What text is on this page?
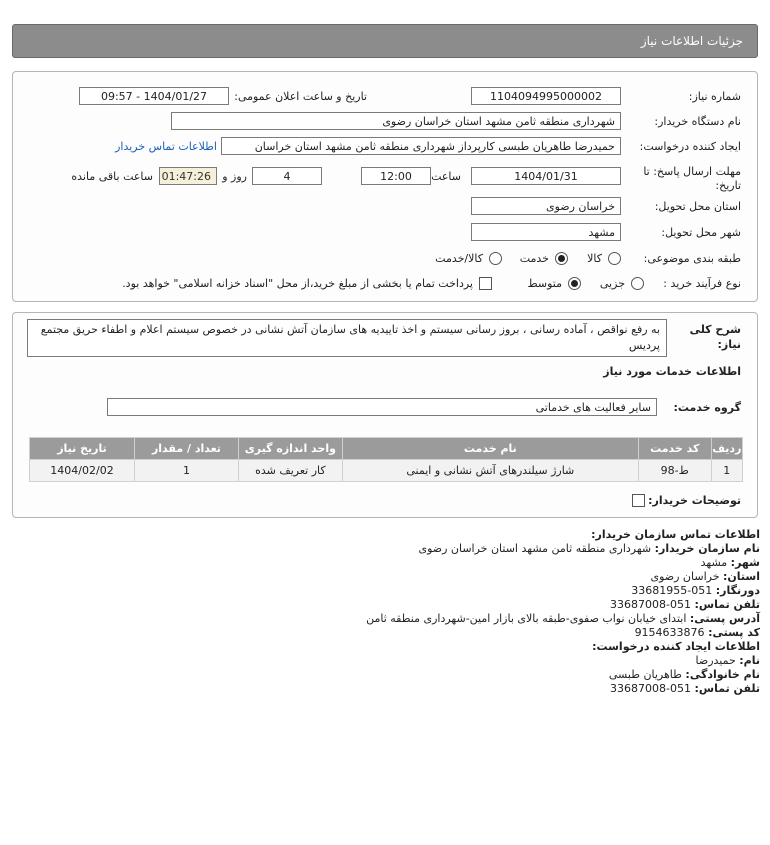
جزئیات اطلاعات نیاز
شماره نیاز:
1104094995000002
تاریخ و ساعت اعلان عمومی:
1404/01/27 - 09:57
نام دستگاه خریدار:
شهرداری منطقه ثامن مشهد استان خراسان رضوی
ایجاد کننده درخواست:
حمیدرضا طاهریان طبسی کارپرداز شهرداری منطقه ثامن مشهد استان خراسان
اطلاعات تماس خریدار
مهلت ارسال پاسخ: تا
تاریخ:
1404/01/31
ساعت
12:00
4
روز و
01:47:26
ساعت باقی مانده
استان محل تحویل:
خراسان رضوی
شهر محل تحویل:
مشهد
طبقه بندی موضوعی:
کالا
خدمت
کالا/خدمت
نوع فرآیند خرید :
جزیی
متوسط
پرداخت تمام یا بخشی از مبلغ خرید،از محل "اسناد خزانه اسلامی" خواهد بود.
شرح کلی
نیاز:
به رفع نواقص ، آماده رسانی ، بروز رسانی سیستم و اخذ تاییدیه های سازمان آتش نشانی در خصوص سیستم اعلام و اطفاء حریق مجتمع پردیس
اطلاعات خدمات مورد نیاز
گروه خدمت:
سایر فعالیت های خدماتی
ردیف	کد خدمت	نام خدمت	واحد اندازه گیری	تعداد / مقدار	تاریخ نیاز
1	ط-98	شارژ سیلندرهای آتش نشانی و ایمنی	کار تعریف شده	1	1404/02/02
توضیحات خریدار:
اطلاعات تماس سازمان خریدار:
نام سازمان خریدار: شهرداری منطقه ثامن مشهد استان خراسان رضوی
شهر: مشهد
استان: خراسان رضوی
دورنگار: 051-33681955
تلفن تماس: 051-33687008
آدرس پستی: ابتدای خیابان نواب صفوی-طبقه بالای بازار امین-شهرداری منطقه ثامن
کد پستی: 9154633876
اطلاعات ایجاد کننده درخواست:
نام: حمیدرضا
نام خانوادگی: طاهریان طبسی
تلفن تماس: 051-33687008
